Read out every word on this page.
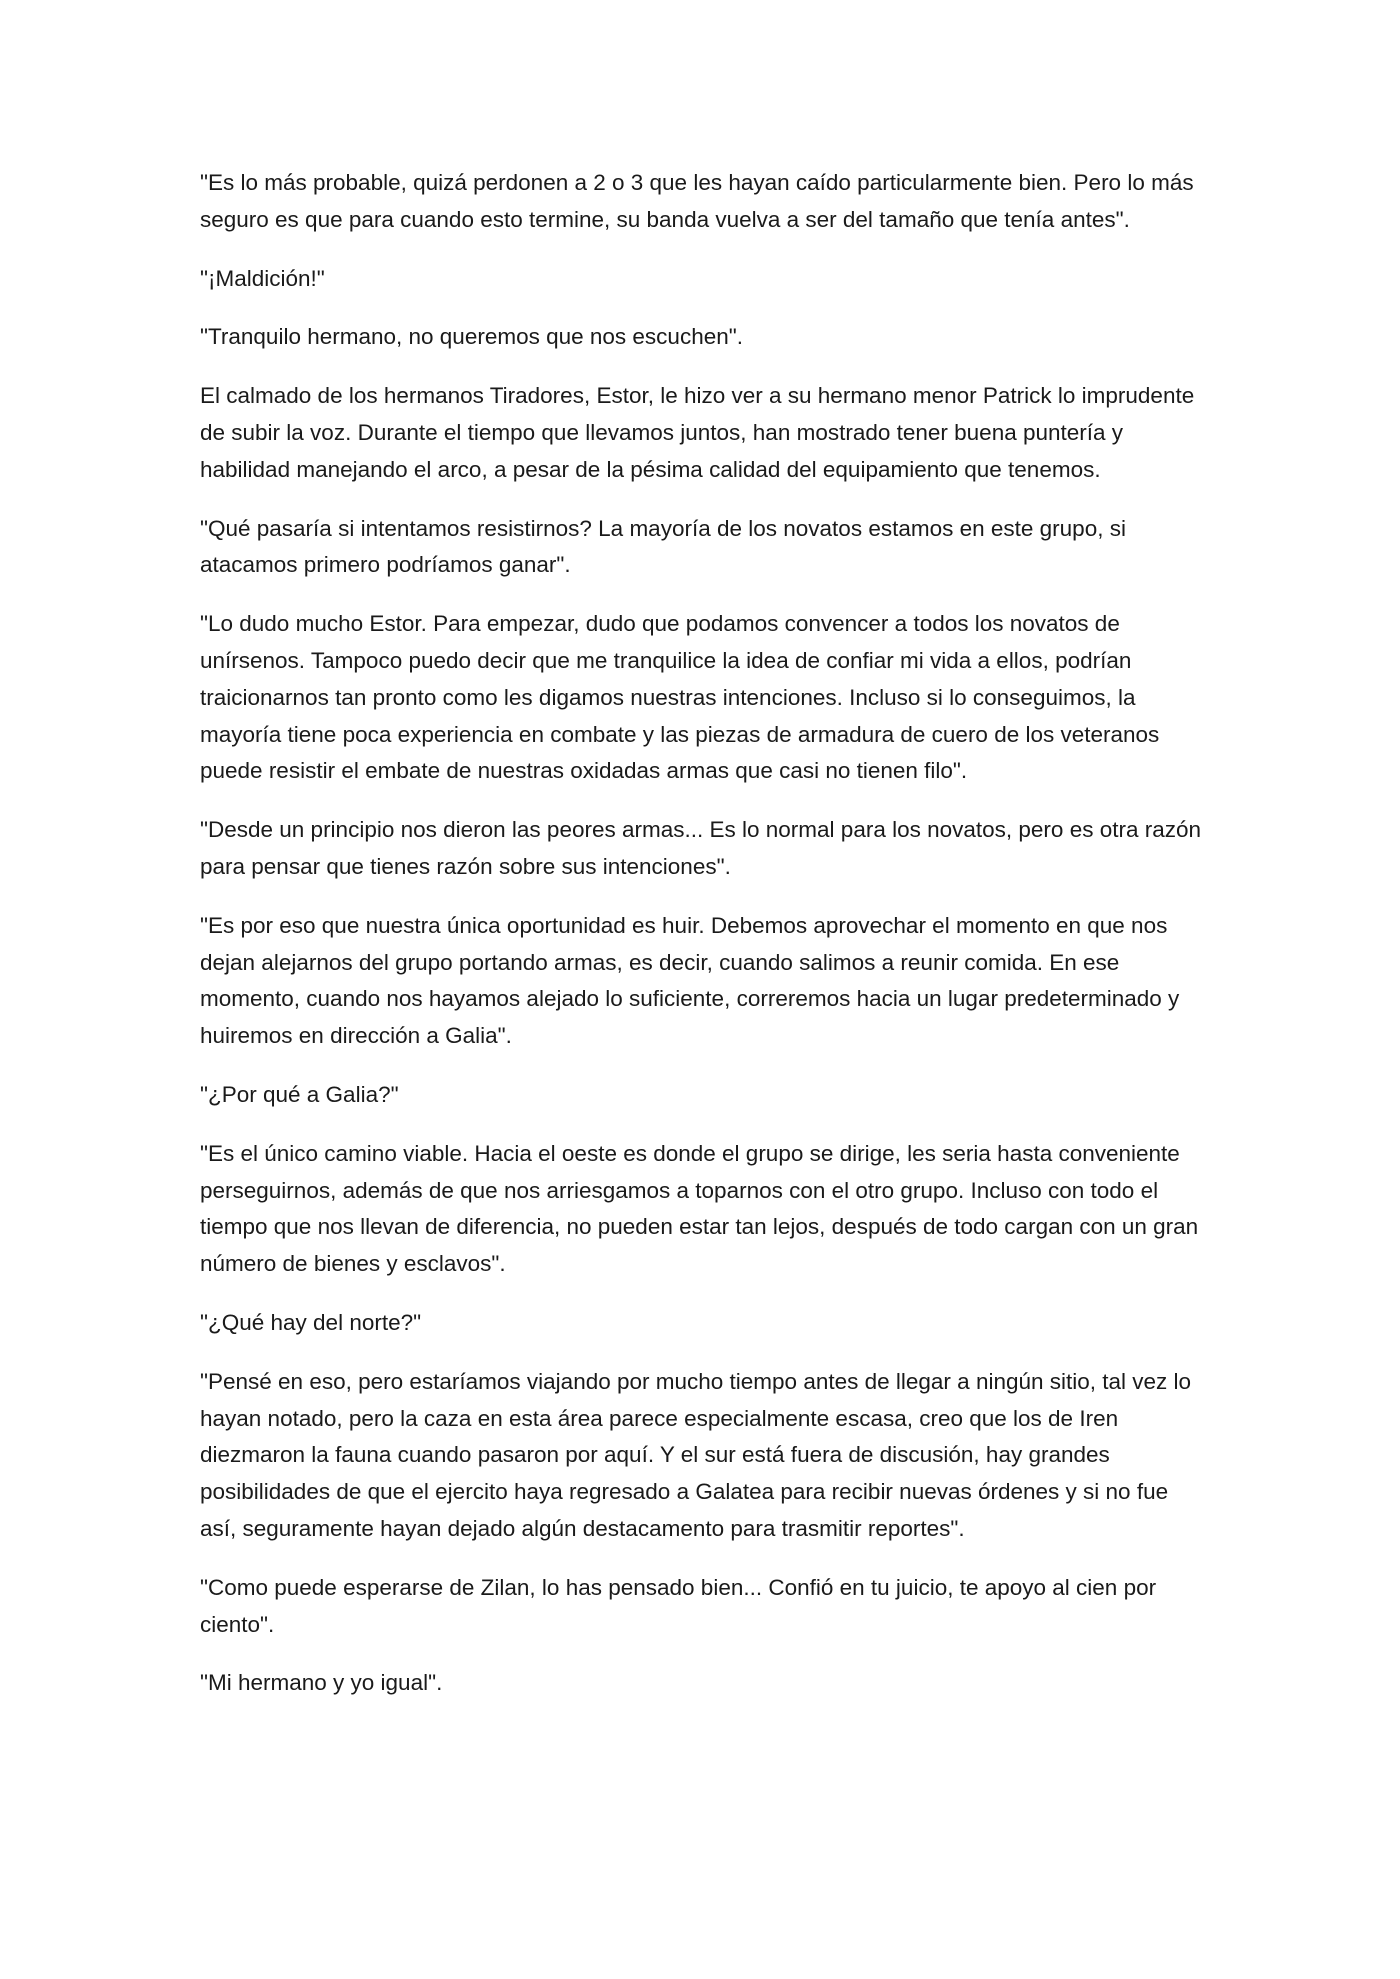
"Es lo más probable, quizá perdonen a 2 o 3 que les hayan caído particularmente bien. Pero lo más seguro es que para cuando esto termine, su banda vuelva a ser del tamaño que tenía antes".

"¡Maldición!"

"Tranquilo hermano, no queremos que nos escuchen".

El calmado de los hermanos Tiradores, Estor, le hizo ver a su hermano menor Patrick lo imprudente de subir la voz. Durante el tiempo que llevamos juntos, han mostrado tener buena puntería y habilidad manejando el arco, a pesar de la pésima calidad del equipamiento que tenemos.

"Qué pasaría si intentamos resistirnos? La mayoría de los novatos estamos en este grupo, si atacamos primero podríamos ganar".

"Lo dudo mucho Estor. Para empezar, dudo que podamos convencer a todos los novatos de unírsenos. Tampoco puedo decir que me tranquilice la idea de confiar mi vida a ellos, podrían traicionarnos tan pronto como les digamos nuestras intenciones. Incluso si lo conseguimos, la mayoría tiene poca experiencia en combate y las piezas de armadura de cuero de los veteranos puede resistir el embate de nuestras oxidadas armas que casi no tienen filo".

"Desde un principio nos dieron las peores armas... Es lo normal para los novatos, pero es otra razón para pensar que tienes razón sobre sus intenciones".

"Es por eso que nuestra única oportunidad es huir. Debemos aprovechar el momento en que nos dejan alejarnos del grupo portando armas, es decir, cuando salimos a reunir comida. En ese momento, cuando nos hayamos alejado lo suficiente, correremos hacia un lugar predeterminado y huiremos en dirección a Galia".

"¿Por qué a Galia?"

"Es el único camino viable. Hacia el oeste es donde el grupo se dirige, les seria hasta conveniente perseguirnos, además de que nos arriesgamos a toparnos con el otro grupo. Incluso con todo el tiempo que nos llevan de diferencia, no pueden estar tan lejos, después de todo cargan con un gran número de bienes y esclavos".

"¿Qué hay del norte?"

"Pensé en eso, pero estaríamos viajando por mucho tiempo antes de llegar a ningún sitio, tal vez lo hayan notado, pero la caza en esta área parece especialmente escasa, creo que los de Iren diezmaron la fauna cuando pasaron por aquí. Y el sur está fuera de discusión, hay grandes posibilidades de que el ejercito haya regresado a Galatea para recibir nuevas órdenes y si no fue así, seguramente hayan dejado algún destacamento para trasmitir reportes".

"Como puede esperarse de Zilan, lo has pensado bien... Confió en tu juicio, te apoyo al cien por ciento".

"Mi hermano y yo igual".
